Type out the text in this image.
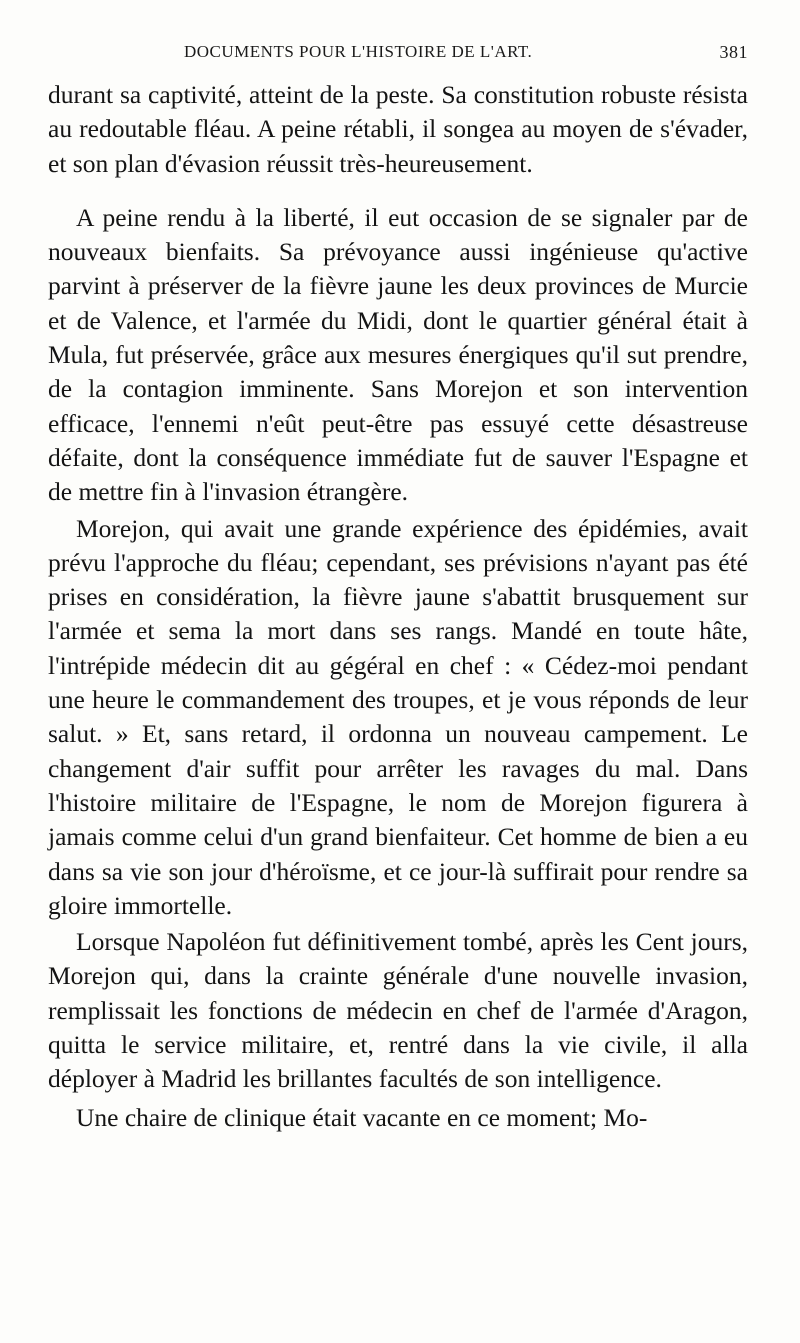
DOCUMENTS POUR L'HISTOIRE DE L'ART.	381

durant sa captivité, atteint de la peste. Sa constitution robuste résista au redoutable fléau. A peine rétabli, il songea au moyen de s'évader, et son plan d'évasion réussit très-heureusement.

A peine rendu à la liberté, il eut occasion de se signaler par de nouveaux bienfaits. Sa prévoyance aussi ingénieuse qu'active parvint à préserver de la fièvre jaune les deux provinces de Murcie et de Valence, et l'armée du Midi, dont le quartier général était à Mula, fut préservée, grâce aux mesures énergiques qu'il sut prendre, de la contagion imminente. Sans Morejon et son intervention efficace, l'ennemi n'eût peut-être pas essuyé cette désastreuse défaite, dont la conséquence immédiate fut de sauver l'Espagne et de mettre fin à l'invasion étrangère.

Morejon, qui avait une grande expérience des épidémies, avait prévu l'approche du fléau; cependant, ses prévisions n'ayant pas été prises en considération, la fièvre jaune s'abattit brusquement sur l'armée et sema la mort dans ses rangs. Mandé en toute hâte, l'intrépide médecin dit au gégéral en chef : « Cédez-moi pendant une heure le commandement des troupes, et je vous réponds de leur salut. » Et, sans retard, il ordonna un nouveau campement. Le changement d'air suffit pour arrêter les ravages du mal. Dans l'histoire militaire de l'Espagne, le nom de Morejon figurera à jamais comme celui d'un grand bienfaiteur. Cet homme de bien a eu dans sa vie son jour d'héroïsme, et ce jour-là suffirait pour rendre sa gloire immortelle.

Lorsque Napoléon fut définitivement tombé, après les Cent jours, Morejon qui, dans la crainte générale d'une nouvelle invasion, remplissait les fonctions de médecin en chef de l'armée d'Aragon, quitta le service militaire, et, rentré dans la vie civile, il alla déployer à Madrid les brillantes facultés de son intelligence.

Une chaire de clinique était vacante en ce moment; Mo-
